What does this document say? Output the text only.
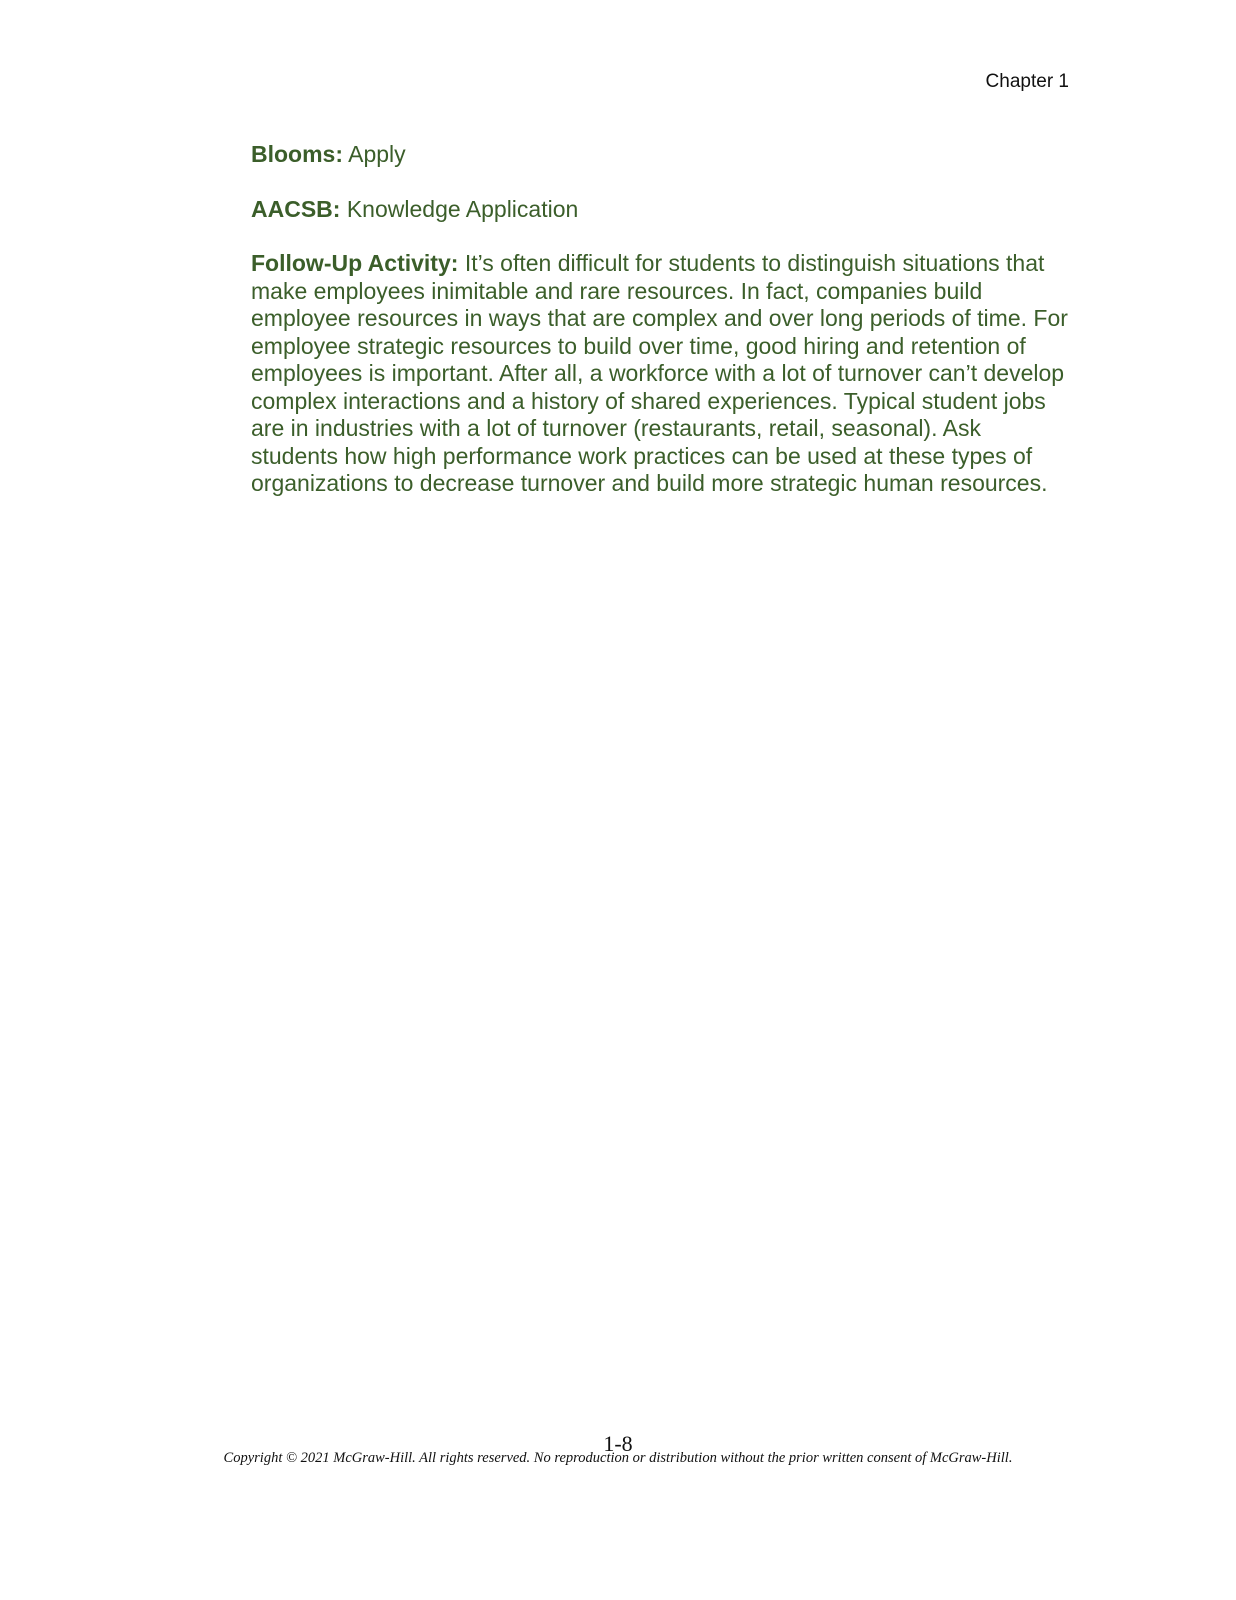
Chapter 1

Blooms: Apply

AACSB: Knowledge Application

Follow-Up Activity: It’s often difficult for students to distinguish situations that make employees inimitable and rare resources. In fact, companies build employee resources in ways that are complex and over long periods of time. For employee strategic resources to build over time, good hiring and retention of employees is important. After all, a workforce with a lot of turnover can’t develop complex interactions and a history of shared experiences. Typical student jobs are in industries with a lot of turnover (restaurants, retail, seasonal). Ask students how high performance work practices can be used at these types of organizations to decrease turnover and build more strategic human resources.

1-8
Copyright © 2021 McGraw-Hill. All rights reserved. No reproduction or distribution without the prior written consent of McGraw-Hill.
